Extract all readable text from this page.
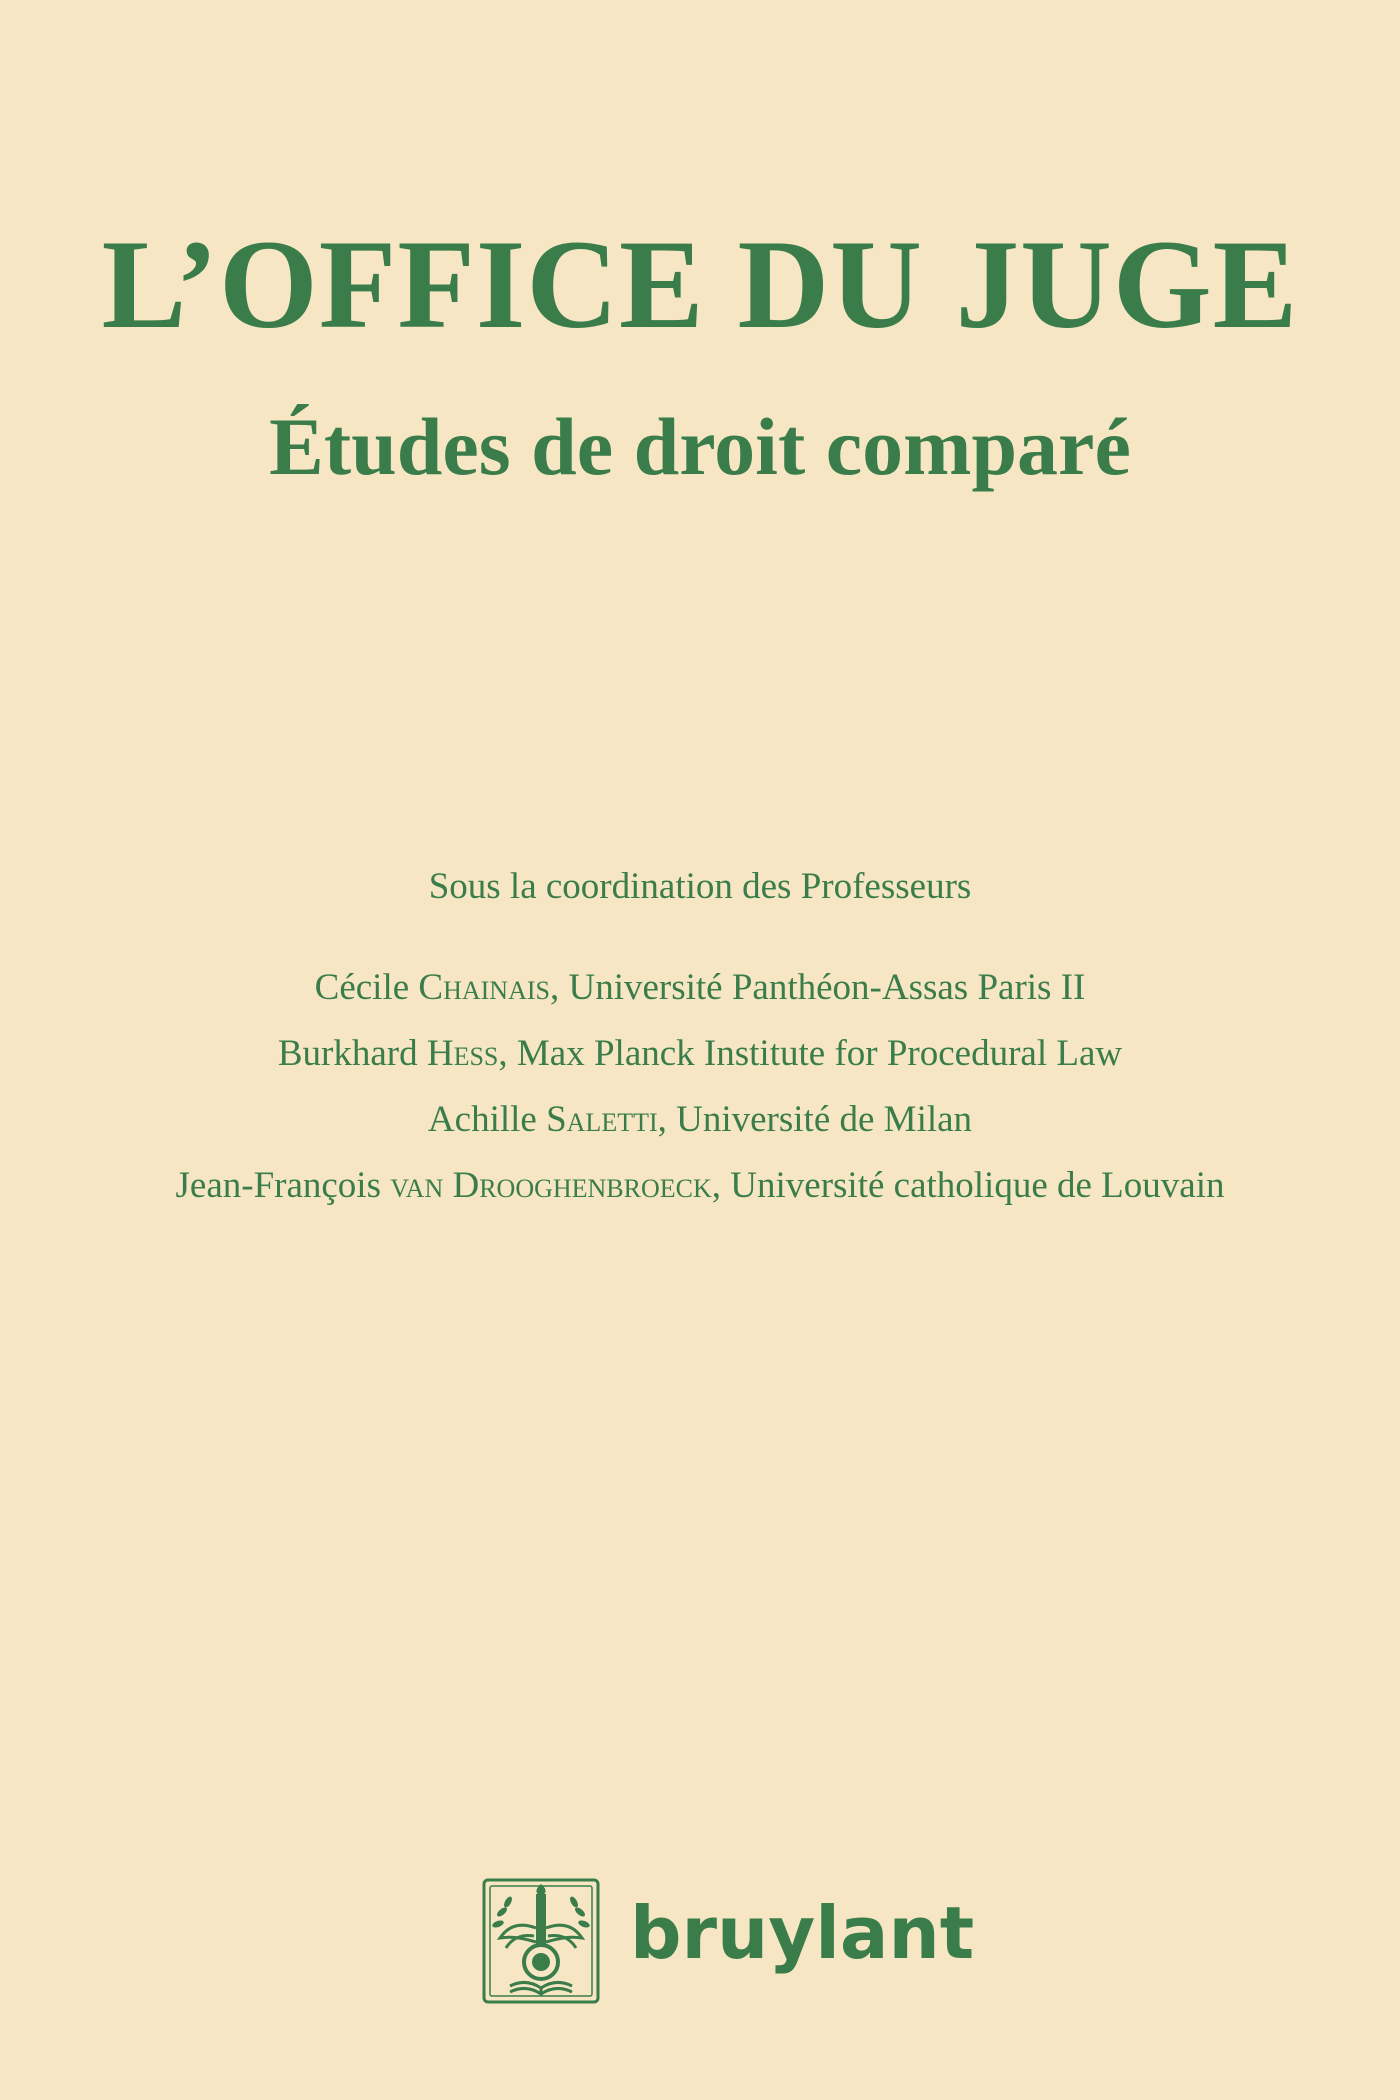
L’OFFICE DU JUGE
Études de droit comparé
Sous la coordination des Professeurs
Cécile Chainais, Université Panthéon-Assas Paris II
Burkhard Hess, Max Planck Institute for Procedural Law
Achille Saletti, Université de Milan
Jean-François van Drooghenbroeck, Université catholique de Louvain
bruylant
